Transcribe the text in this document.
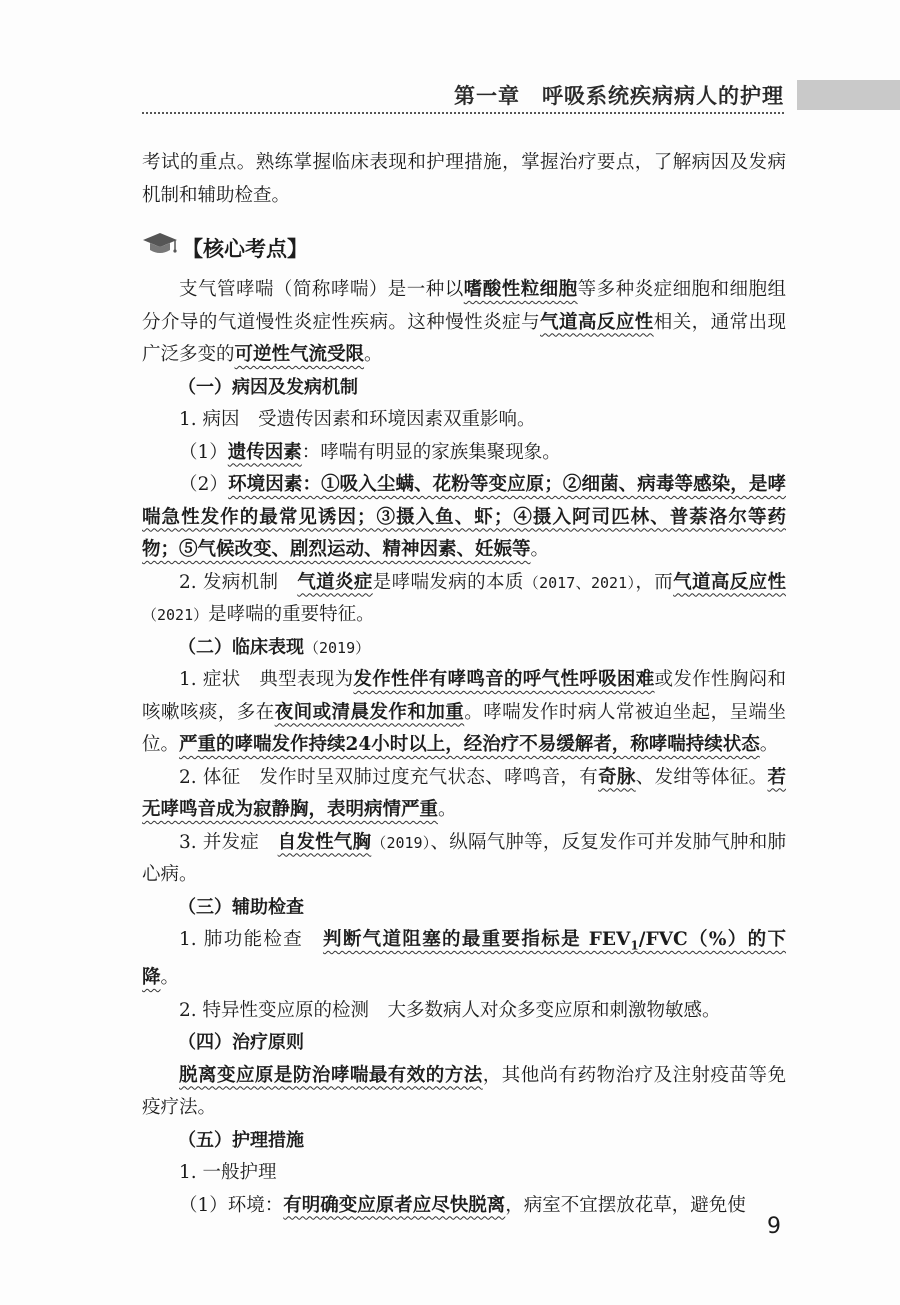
第一章　呼吸系统疾病病人的护理

考试的重点。熟练掌握临床表现和护理措施，掌握治疗要点，了解病因及发病机制和辅助检查。

【核心考点】

支气管哮喘（简称哮喘）是一种以嗜酸性粒细胞等多种炎症细胞和细胞组分介导的气道慢性炎症性疾病。这种慢性炎症与气道高反应性相关，通常出现广泛多变的可逆性气流受限。

（一）病因及发病机制

1. 病因　受遗传因素和环境因素双重影响。

（1）遗传因素：哮喘有明显的家族集聚现象。

（2）环境因素：①吸入尘螨、花粉等变应原；②细菌、病毒等感染，是哮喘急性发作的最常见诱因；③摄入鱼、虾；④摄入阿司匹林、普萘洛尔等药物；⑤气候改变、剧烈运动、精神因素、妊娠等。

2. 发病机制　气道炎症是哮喘发病的本质（2017、2021），而气道高反应性（2021）是哮喘的重要特征。

（二）临床表现（2019）

1. 症状　典型表现为发作性伴有哮鸣音的呼气性呼吸困难或发作性胸闷和咳嗽咳痰，多在夜间或清晨发作和加重。哮喘发作时病人常被迫坐起，呈端坐位。严重的哮喘发作持续24小时以上，经治疗不易缓解者，称哮喘持续状态。

2. 体征　发作时呈双肺过度充气状态、哮鸣音，有奇脉、发绀等体征。若无哮鸣音成为寂静胸，表明病情严重。

3. 并发症　自发性气胸（2019）、纵隔气肿等，反复发作可并发肺气肿和肺心病。

（三）辅助检查

1. 肺功能检查　判断气道阻塞的最重要指标是 $FEV_1/FVC(\%)$的下降。

2. 特异性变应原的检测　大多数病人对众多变应原和刺激物敏感。

（四）治疗原则

脱离变应原是防治哮喘最有效的方法，其他尚有药物治疗及注射疫苗等免疫疗法。

（五）护理措施

1. 一般护理

（1）环境：有明确变应原者应尽快脱离，病室不宜摆放花草，避免使

9
